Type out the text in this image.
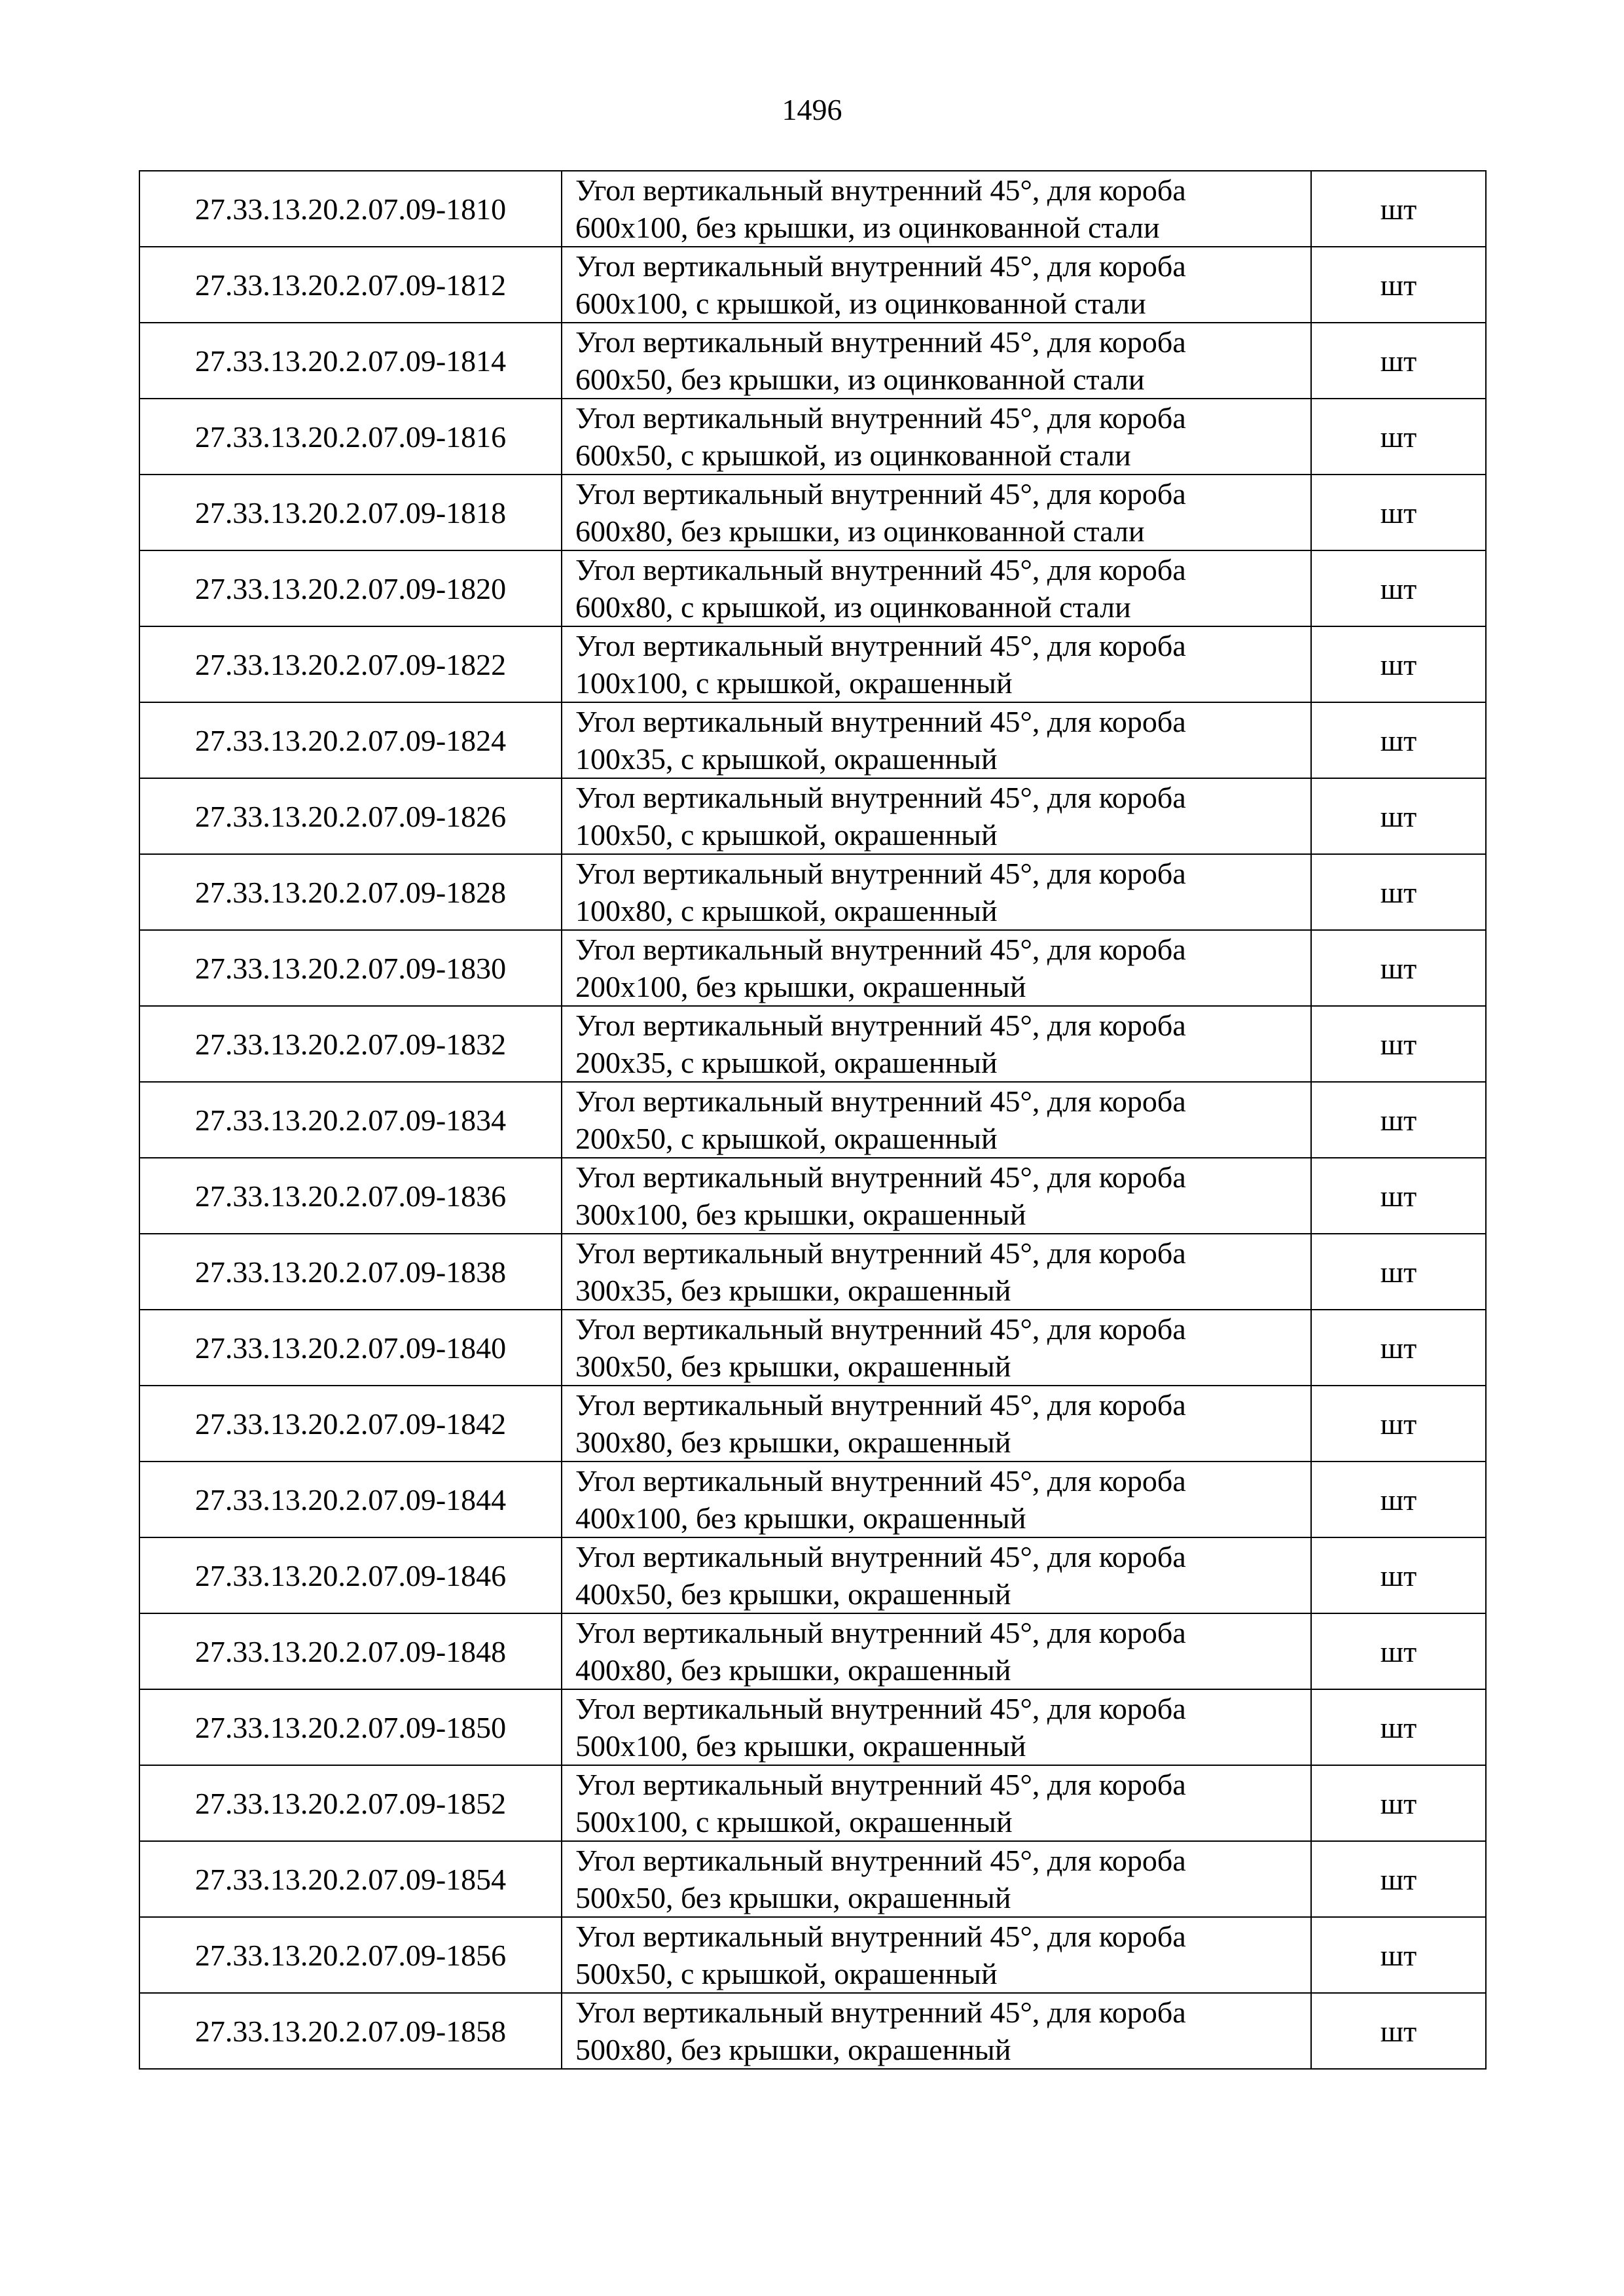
1496
27.33.13.20.2.07.09-1810	Угол вертикальный внутренний 45°, для короба
600х100, без крышки, из оцинкованной стали	шт
27.33.13.20.2.07.09-1812	Угол вертикальный внутренний 45°, для короба
600х100, с крышкой, из оцинкованной стали	шт
27.33.13.20.2.07.09-1814	Угол вертикальный внутренний 45°, для короба
600х50, без крышки, из оцинкованной стали	шт
27.33.13.20.2.07.09-1816	Угол вертикальный внутренний 45°, для короба
600х50, с крышкой, из оцинкованной стали	шт
27.33.13.20.2.07.09-1818	Угол вертикальный внутренний 45°, для короба
600х80, без крышки, из оцинкованной стали	шт
27.33.13.20.2.07.09-1820	Угол вертикальный внутренний 45°, для короба
600х80, с крышкой, из оцинкованной стали	шт
27.33.13.20.2.07.09-1822	Угол вертикальный внутренний 45°, для короба
100х100, с крышкой, окрашенный	шт
27.33.13.20.2.07.09-1824	Угол вертикальный внутренний 45°, для короба
100х35, с крышкой, окрашенный	шт
27.33.13.20.2.07.09-1826	Угол вертикальный внутренний 45°, для короба
100х50, с крышкой, окрашенный	шт
27.33.13.20.2.07.09-1828	Угол вертикальный внутренний 45°, для короба
100х80, с крышкой, окрашенный	шт
27.33.13.20.2.07.09-1830	Угол вертикальный внутренний 45°, для короба
200х100, без крышки, окрашенный	шт
27.33.13.20.2.07.09-1832	Угол вертикальный внутренний 45°, для короба
200х35, с крышкой, окрашенный	шт
27.33.13.20.2.07.09-1834	Угол вертикальный внутренний 45°, для короба
200х50, с крышкой, окрашенный	шт
27.33.13.20.2.07.09-1836	Угол вертикальный внутренний 45°, для короба
300х100, без крышки, окрашенный	шт
27.33.13.20.2.07.09-1838	Угол вертикальный внутренний 45°, для короба
300х35, без крышки, окрашенный	шт
27.33.13.20.2.07.09-1840	Угол вертикальный внутренний 45°, для короба
300х50, без крышки, окрашенный	шт
27.33.13.20.2.07.09-1842	Угол вертикальный внутренний 45°, для короба
300х80, без крышки, окрашенный	шт
27.33.13.20.2.07.09-1844	Угол вертикальный внутренний 45°, для короба
400х100, без крышки, окрашенный	шт
27.33.13.20.2.07.09-1846	Угол вертикальный внутренний 45°, для короба
400х50, без крышки, окрашенный	шт
27.33.13.20.2.07.09-1848	Угол вертикальный внутренний 45°, для короба
400х80, без крышки, окрашенный	шт
27.33.13.20.2.07.09-1850	Угол вертикальный внутренний 45°, для короба
500х100, без крышки, окрашенный	шт
27.33.13.20.2.07.09-1852	Угол вертикальный внутренний 45°, для короба
500х100, с крышкой, окрашенный	шт
27.33.13.20.2.07.09-1854	Угол вертикальный внутренний 45°, для короба
500х50, без крышки, окрашенный	шт
27.33.13.20.2.07.09-1856	Угол вертикальный внутренний 45°, для короба
500х50, с крышкой, окрашенный	шт
27.33.13.20.2.07.09-1858	Угол вертикальный внутренний 45°, для короба
500х80, без крышки, окрашенный	шт
